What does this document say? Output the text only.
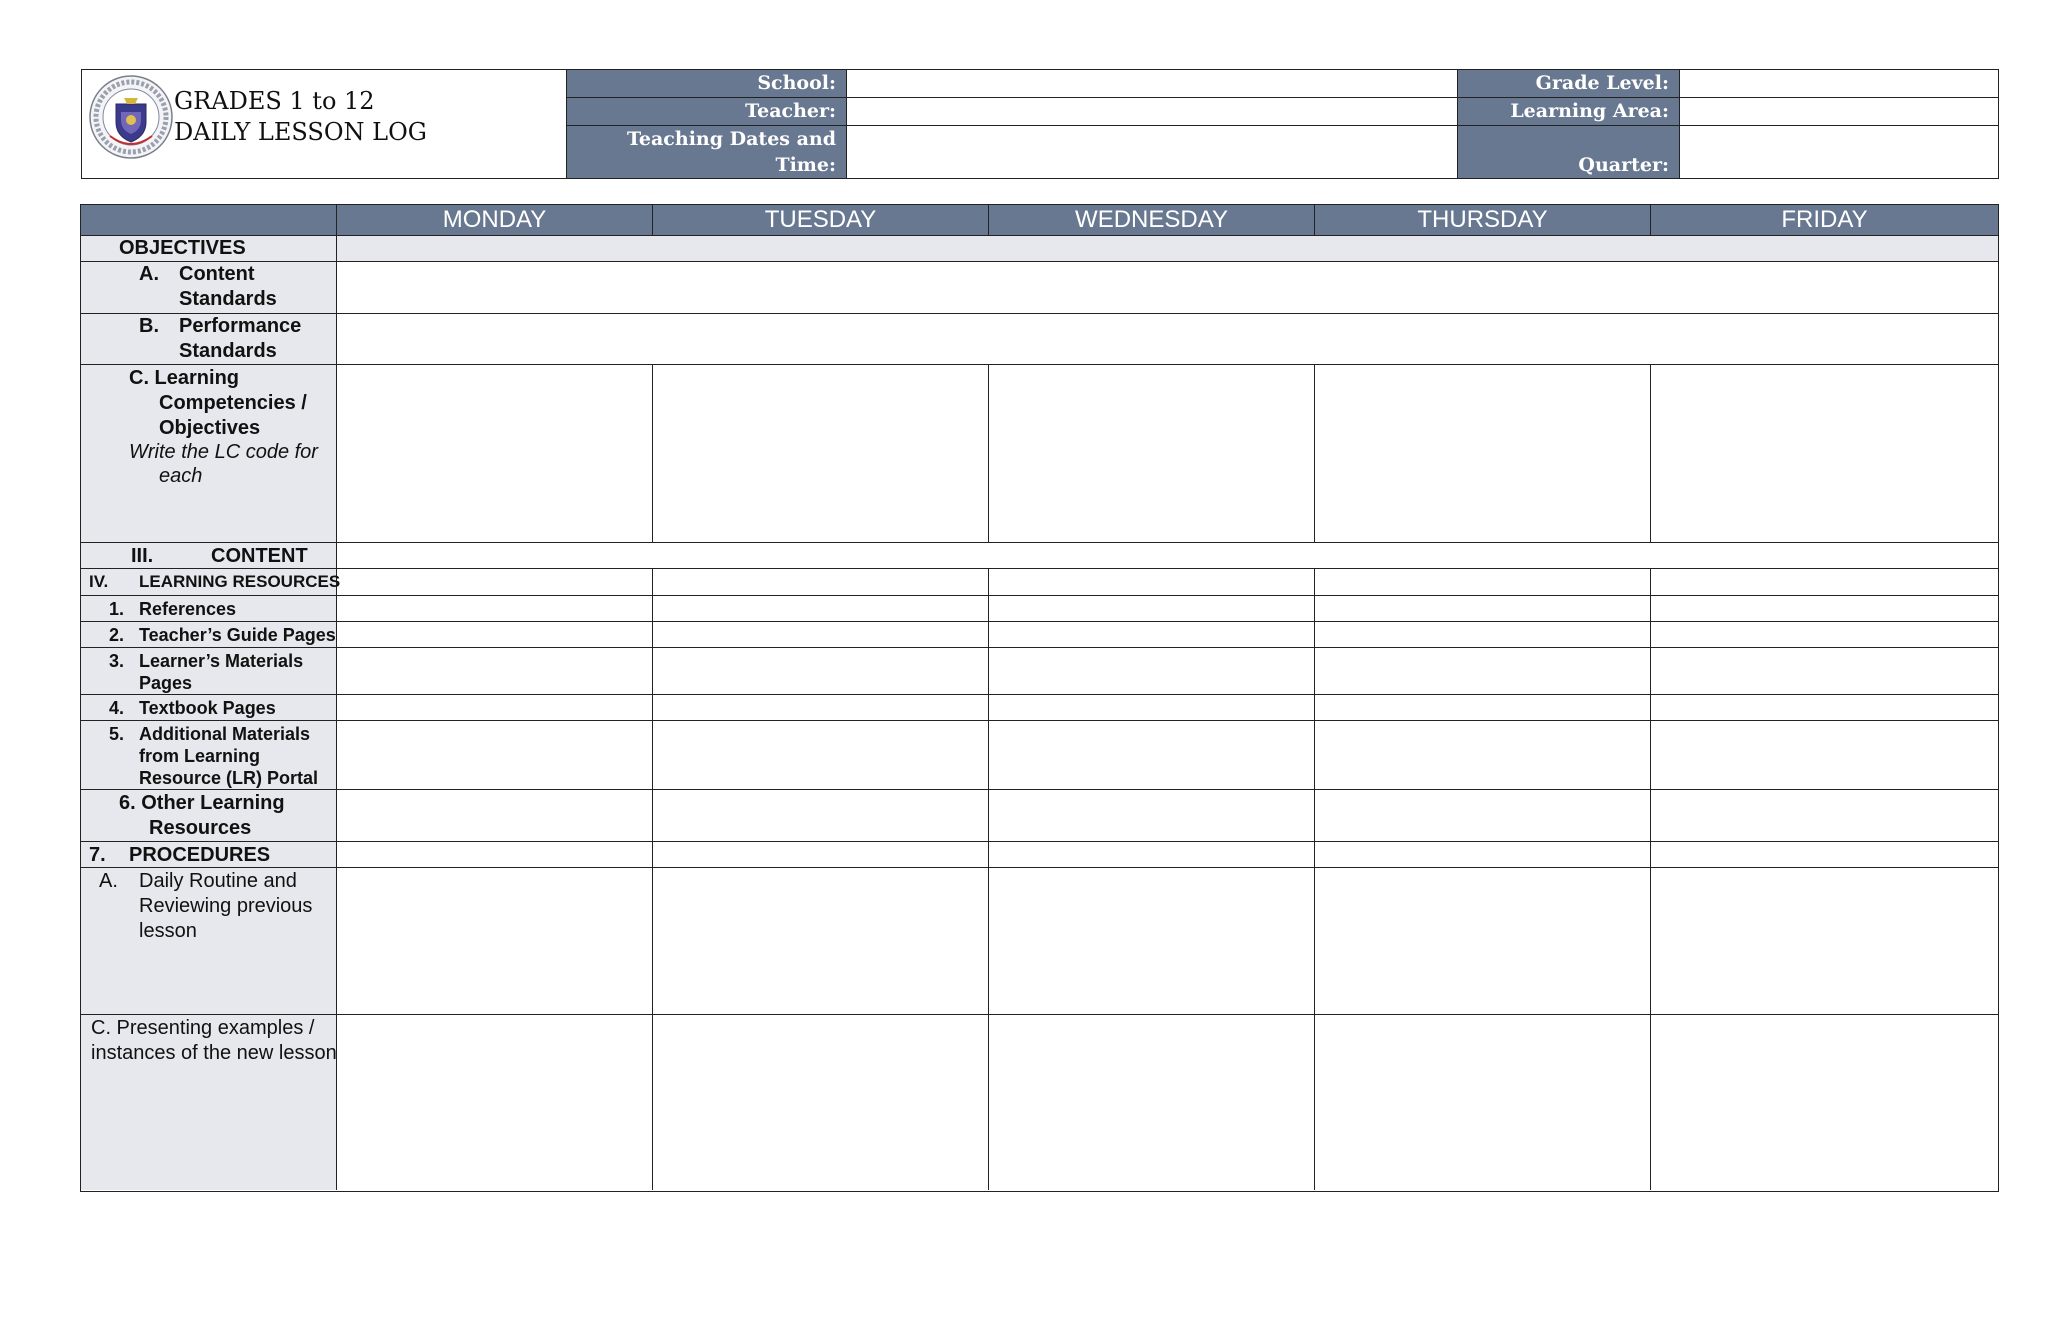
GRADES 1 to 12
DAILY LESSON LOG
School:
Teacher:
Teaching Dates and
Time:
Grade Level:
Learning Area:
Quarter:
MONDAY	TUESDAY	WEDNESDAY	THURSDAY	FRIDAY
OBJECTIVES
A. Content
Standards
B. Performance
Standards
C. Learning
Competencies /
Objectives
Write the LC code for
each
III.	CONTENT
IV. LEARNING RESOURCES
1. References
2. Teacher’s Guide Pages
3. Learner’s Materials
Pages
4. Textbook Pages
5. Additional Materials
from Learning
Resource (LR) Portal
6. Other Learning
Resources
7. PROCEDURES
A. Daily Routine and
Reviewing previous
lesson
C. Presenting examples /
instances of the new lesson
